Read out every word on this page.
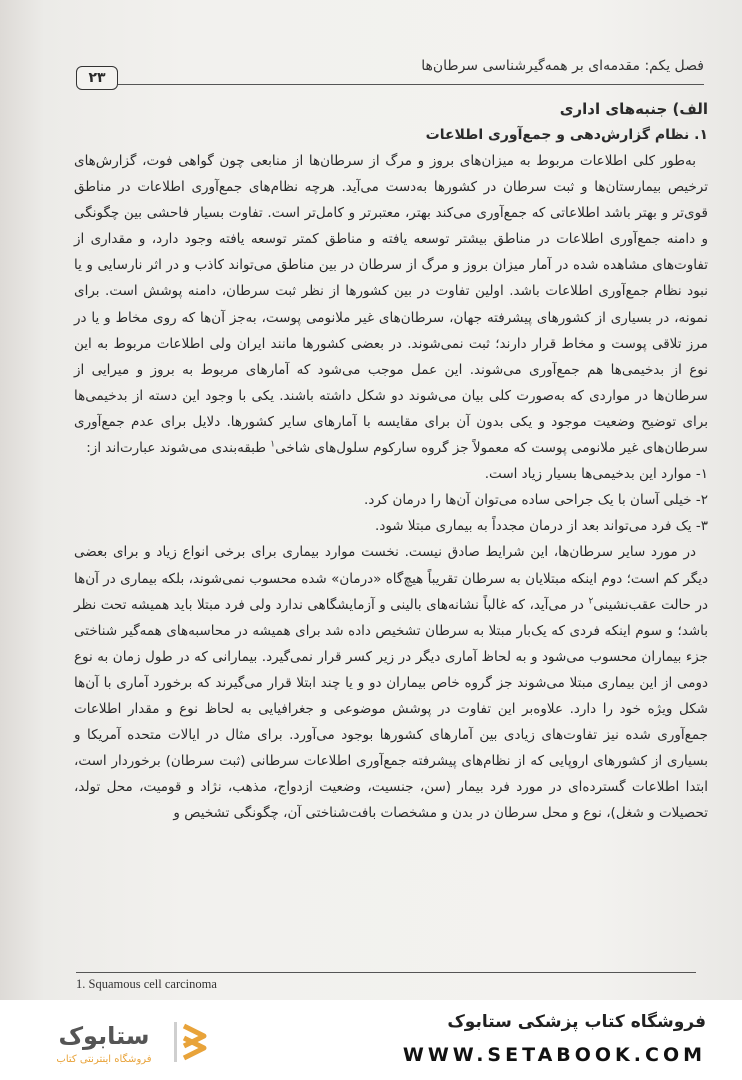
۲۳
فصل یکم: مقدمه‌ای بر همه‌گیرشناسی سرطان‌ها

الف) جنبه‌های اداری

۱. نظام گزارش‌دهی و جمع‌آوری اطلاعات

به‌طور کلی اطلاعات مربوط به میزان‌های بروز و مرگ از سرطان‌ها از منابعی چون گواهی فوت، گزارش‌های ترخیص بیمارستان‌ها و ثبت سرطان در کشورها به‌دست می‌آید. هرچه نظام‌های جمع‌آوری اطلاعات در مناطق قوی‌تر و بهتر باشد اطلاعاتی که جمع‌آوری می‌کند بهتر، معتبرتر و کامل‌تر است. تفاوت بسیار فاحشی بین چگونگی و دامنه جمع‌آوری اطلاعات در مناطق بیشتر توسعه یافته و مناطق کمتر توسعه یافته وجود دارد، و مقداری از تفاوت‌های مشاهده شده در آمار میزان بروز و مرگ از سرطان در بین مناطق می‌تواند کاذب و در اثر نارسایی و یا نبود نظام جمع‌آوری اطلاعات باشد. اولین تفاوت در بین کشورها از نظر ثبت سرطان، دامنه پوشش است. برای نمونه، در بسیاری از کشورهای پیشرفته جهان، سرطان‌های غیر ملانومی پوست، به‌جز آن‌ها که روی مخاط و یا در مرز تلاقی پوست و مخاط قرار دارند؛ ثبت نمی‌شوند. در بعضی کشورها مانند ایران ولی اطلاعات مربوط به این نوع از بدخیمی‌ها هم جمع‌آوری می‌شوند. این عمل موجب می‌شود که آمارهای مربوط به بروز و میرایی از سرطان‌ها در مواردی که به‌صورت کلی بیان می‌شوند دو شکل داشته باشند. یکی با وجود این دسته از بدخیمی‌ها برای توضیح وضعیت موجود و یکی بدون آن برای مقایسه با آمارهای سایر کشورها. دلایل برای عدم جمع‌آوری سرطان‌های غیر ملانومی پوست که معمولاً جز گروه سارکوم سلول‌های شاخی$^۱$ طبقه‌بندی می‌شوند عبارت‌اند از:

۱- موارد این بدخیمی‌ها بسیار زیاد است.

۲- خیلی آسان با یک جراحی ساده می‌توان آن‌ها را درمان کرد.

۳- یک فرد می‌تواند بعد از درمان مجدداً به بیماری مبتلا شود.

در مورد سایر سرطان‌ها، این شرایط صادق نیست. نخست موارد بیماری برای برخی انواع زیاد و برای بعضی دیگر کم است؛ دوم اینکه مبتلایان به سرطان تقریباً هیچ‌گاه «درمان» شده محسوب نمی‌شوند، بلکه بیماری در آن‌ها در حالت عقب‌نشینی$^۲$ در می‌آید، که غالباً نشانه‌های بالینی و آزمایشگاهی ندارد ولی فرد مبتلا باید همیشه تحت نظر باشد؛ و سوم اینکه فردی که یک‌بار مبتلا به سرطان تشخیص داده شد برای همیشه در محاسبه‌های همه‌گیر شناختی جزء بیماران محسوب می‌شود و به لحاظ آماری دیگر در زیر کسر قرار نمی‌گیرد. بیمارانی که در طول زمان به نوع دومی از این بیماری مبتلا می‌شوند جز گروه خاص بیماران دو و یا چند ابتلا قرار می‌گیرند که برخورد آماری با آن‌ها شکل ویژه خود را دارد. علاوه‌بر این تفاوت در پوشش موضوعی و جغرافیایی به لحاظ نوع و مقدار اطلاعات جمع‌آوری شده نیز تفاوت‌های زیادی بین آمارهای کشورها بوجود می‌آورد. برای مثال در ایالات متحده آمریکا و بسیاری از کشورهای اروپایی که از نظام‌های پیشرفته جمع‌آوری اطلاعات سرطانی (ثبت سرطان) برخوردار است، ابتدا اطلاعات گسترده‌ای در مورد فرد بیمار (سن، جنسیت، وضعیت ازدواج، مذهب، نژاد و قومیت، محل تولد، تحصیلات و شغل)، نوع و محل سرطان در بدن و مشخصات بافت‌شناختی آن، چگونگی تشخیص و

1. Squamous cell carcinoma
ستابوک
فروشگاه اینترنتی کتاب
فروشگاه کتاب پزشکی ستابوک
WWW.SETABOOK.COM
